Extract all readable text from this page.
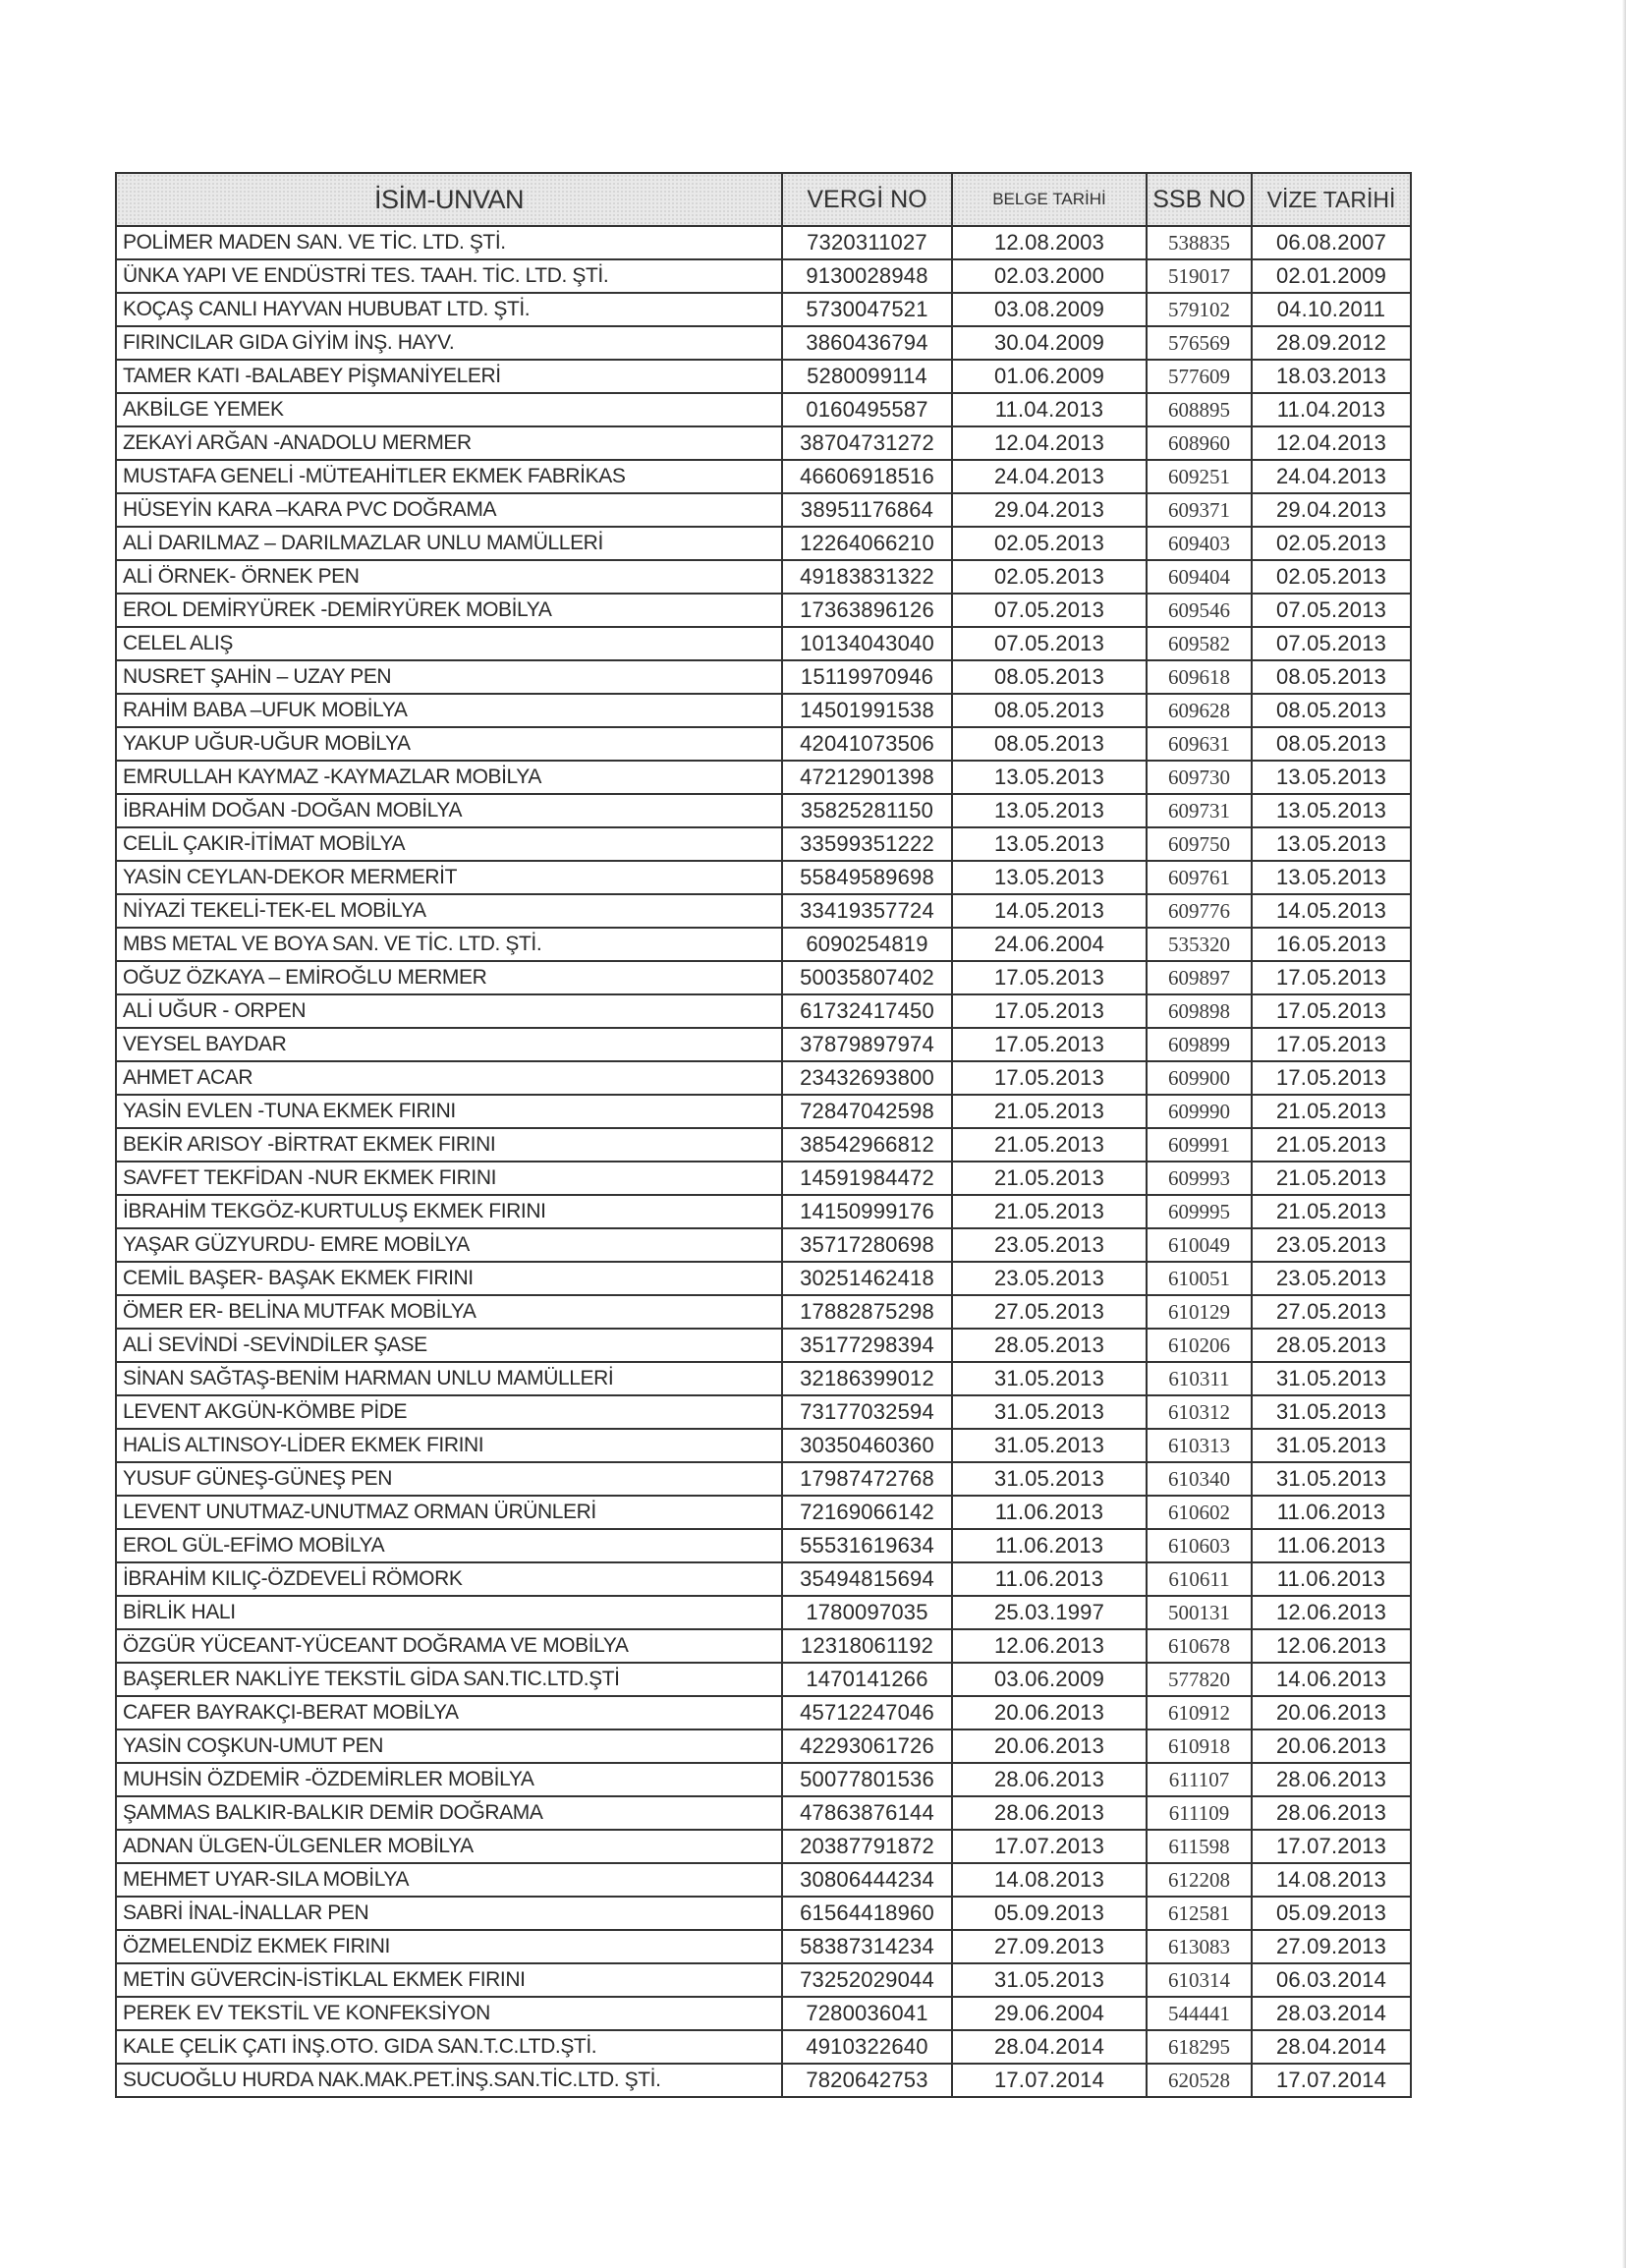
İSİM-UNVAN	VERGİ NO	BELGE TARİHİ	SSB NO	VİZE TARİHİ
POLİMER MADEN SAN. VE TİC. LTD. ŞTİ.	7320311027	12.08.2003	538835	06.08.2007
ÜNKA YAPI VE ENDÜSTRİ TES. TAAH. TİC. LTD. ŞTİ.	9130028948	02.03.2000	519017	02.01.2009
KOÇAŞ CANLI HAYVAN HUBUBAT LTD. ŞTİ.	5730047521	03.08.2009	579102	04.10.2011
FIRINCILAR GIDA GİYİM İNŞ. HAYV.	3860436794	30.04.2009	576569	28.09.2012
TAMER KATI -BALABEY PİŞMANİYELERİ	5280099114	01.06.2009	577609	18.03.2013
AKBİLGE YEMEK	0160495587	11.04.2013	608895	11.04.2013
ZEKAYİ ARĞAN -ANADOLU MERMER	38704731272	12.04.2013	608960	12.04.2013
MUSTAFA GENELİ -MÜTEAHİTLER EKMEK FABRİKAS	46606918516	24.04.2013	609251	24.04.2013
HÜSEYİN KARA –KARA PVC DOĞRAMA	38951176864	29.04.2013	609371	29.04.2013
ALİ DARILMAZ – DARILMAZLAR UNLU MAMÜLLERİ	12264066210	02.05.2013	609403	02.05.2013
ALİ ÖRNEK- ÖRNEK PEN	49183831322	02.05.2013	609404	02.05.2013
EROL DEMİRYÜREK -DEMİRYÜREK MOBİLYA	17363896126	07.05.2013	609546	07.05.2013
CELEL ALIŞ	10134043040	07.05.2013	609582	07.05.2013
NUSRET ŞAHİN – UZAY PEN	15119970946	08.05.2013	609618	08.05.2013
RAHİM BABA –UFUK MOBİLYA	14501991538	08.05.2013	609628	08.05.2013
YAKUP UĞUR-UĞUR MOBİLYA	42041073506	08.05.2013	609631	08.05.2013
EMRULLAH KAYMAZ -KAYMAZLAR MOBİLYA	47212901398	13.05.2013	609730	13.05.2013
İBRAHİM DOĞAN -DOĞAN MOBİLYA	35825281150	13.05.2013	609731	13.05.2013
CELİL ÇAKIR-İTİMAT MOBİLYA	33599351222	13.05.2013	609750	13.05.2013
YASİN CEYLAN-DEKOR MERMERİT	55849589698	13.05.2013	609761	13.05.2013
NİYAZİ TEKELİ-TEK-EL MOBİLYA	33419357724	14.05.2013	609776	14.05.2013
MBS METAL VE BOYA SAN. VE TİC. LTD. ŞTİ.	6090254819	24.06.2004	535320	16.05.2013
OĞUZ ÖZKAYA – EMİROĞLU MERMER	50035807402	17.05.2013	609897	17.05.2013
ALİ UĞUR - ORPEN	61732417450	17.05.2013	609898	17.05.2013
VEYSEL BAYDAR	37879897974	17.05.2013	609899	17.05.2013
AHMET ACAR	23432693800	17.05.2013	609900	17.05.2013
YASİN EVLEN -TUNA EKMEK FIRINI	72847042598	21.05.2013	609990	21.05.2013
BEKİR ARISOY -BİRTRAT EKMEK FIRINI	38542966812	21.05.2013	609991	21.05.2013
SAVFET TEKFİDAN -NUR EKMEK FIRINI	14591984472	21.05.2013	609993	21.05.2013
İBRAHİM TEKGÖZ-KURTULUŞ EKMEK FIRINI	14150999176	21.05.2013	609995	21.05.2013
YAŞAR GÜZYURDU- EMRE MOBİLYA	35717280698	23.05.2013	610049	23.05.2013
CEMİL BAŞER- BAŞAK EKMEK FIRINI	30251462418	23.05.2013	610051	23.05.2013
ÖMER ER- BELİNA MUTFAK MOBİLYA	17882875298	27.05.2013	610129	27.05.2013
ALİ SEVİNDİ -SEVİNDİLER ŞASE	35177298394	28.05.2013	610206	28.05.2013
SİNAN SAĞTAŞ-BENİM HARMAN UNLU MAMÜLLERİ	32186399012	31.05.2013	610311	31.05.2013
LEVENT AKGÜN-KÖMBE PİDE	73177032594	31.05.2013	610312	31.05.2013
HALİS ALTINSOY-LİDER EKMEK FIRINI	30350460360	31.05.2013	610313	31.05.2013
YUSUF GÜNEŞ-GÜNEŞ PEN	17987472768	31.05.2013	610340	31.05.2013
LEVENT UNUTMAZ-UNUTMAZ ORMAN ÜRÜNLERİ	72169066142	11.06.2013	610602	11.06.2013
EROL GÜL-EFİMO MOBİLYA	55531619634	11.06.2013	610603	11.06.2013
İBRAHİM KILIÇ-ÖZDEVELİ RÖMORK	35494815694	11.06.2013	610611	11.06.2013
BİRLİK HALI	1780097035	25.03.1997	500131	12.06.2013
ÖZGÜR YÜCEANT-YÜCEANT DOĞRAMA VE MOBİLYA	12318061192	12.06.2013	610678	12.06.2013
BAŞERLER NAKLİYE TEKSTİL GİDA SAN.TIC.LTD.ŞTİ	1470141266	03.06.2009	577820	14.06.2013
CAFER BAYRAKÇI-BERAT MOBİLYA	45712247046	20.06.2013	610912	20.06.2013
YASİN COŞKUN-UMUT PEN	42293061726	20.06.2013	610918	20.06.2013
MUHSİN ÖZDEMİR -ÖZDEMİRLER MOBİLYA	50077801536	28.06.2013	611107	28.06.2013
ŞAMMAS BALKIR-BALKIR DEMİR DOĞRAMA	47863876144	28.06.2013	611109	28.06.2013
ADNAN ÜLGEN-ÜLGENLER MOBİLYA	20387791872	17.07.2013	611598	17.07.2013
MEHMET UYAR-SILA MOBİLYA	30806444234	14.08.2013	612208	14.08.2013
SABRİ İNAL-İNALLAR PEN	61564418960	05.09.2013	612581	05.09.2013
ÖZMELENDİZ EKMEK FIRINI	58387314234	27.09.2013	613083	27.09.2013
METİN GÜVERCİN-İSTİKLAL EKMEK FIRINI	73252029044	31.05.2013	610314	06.03.2014
PEREK EV TEKSTİL VE KONFEKSİYON	7280036041	29.06.2004	544441	28.03.2014
KALE ÇELİK ÇATI İNŞ.OTO. GIDA SAN.T.C.LTD.ŞTİ.	4910322640	28.04.2014	618295	28.04.2014
SUCUOĞLU HURDA NAK.MAK.PET.İNŞ.SAN.TİC.LTD. ŞTİ.	7820642753	17.07.2014	620528	17.07.2014
